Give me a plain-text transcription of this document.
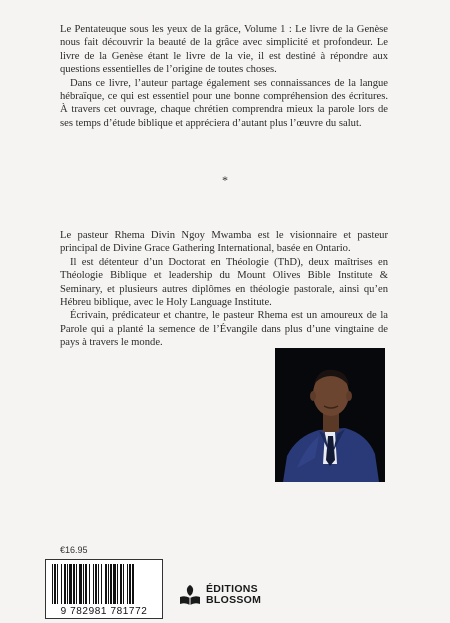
Le Pentateuque sous les yeux de la grâce, Volume 1 : Le livre de la Genèse nous fait découvrir la beauté de la grâce avec simplicité et profondeur. Le livre de la Genèse étant le livre de la vie, il est destiné à répondre aux questions essentielles de l’origine de toutes choses.

Dans ce livre, l’auteur partage également ses connaissances de la langue hébraïque, ce qui est essentiel pour une bonne compréhension des écritures. À travers cet ouvrage, chaque chrétien comprendra mieux la parole lors de ses temps d’étude biblique et appréciera d’autant plus l’œuvre du salut.

*

Le pasteur Rhema Divin Ngoy Mwamba est le visionnaire et pasteur principal de Divine Grace Gathering International, basée en Ontario.

Il est détenteur d’un Doctorat en Théologie (ThD), deux maîtrises en Théologie Biblique et leadership du Mount Olives Bible Institute & Seminary, et plusieurs autres diplômes en théologie pastorale, ainsi qu’en Hébreu biblique, avec le Holy Language Institute.

Écrivain, prédicateur et chantre, le pasteur Rhema est un amoureux de la Parole qui a planté la semence de l’Évangile dans plus d’une vingtaine de pays à travers le monde.

€16.95
9 782981 781772
ÉDITIONS
BLOSSOM
